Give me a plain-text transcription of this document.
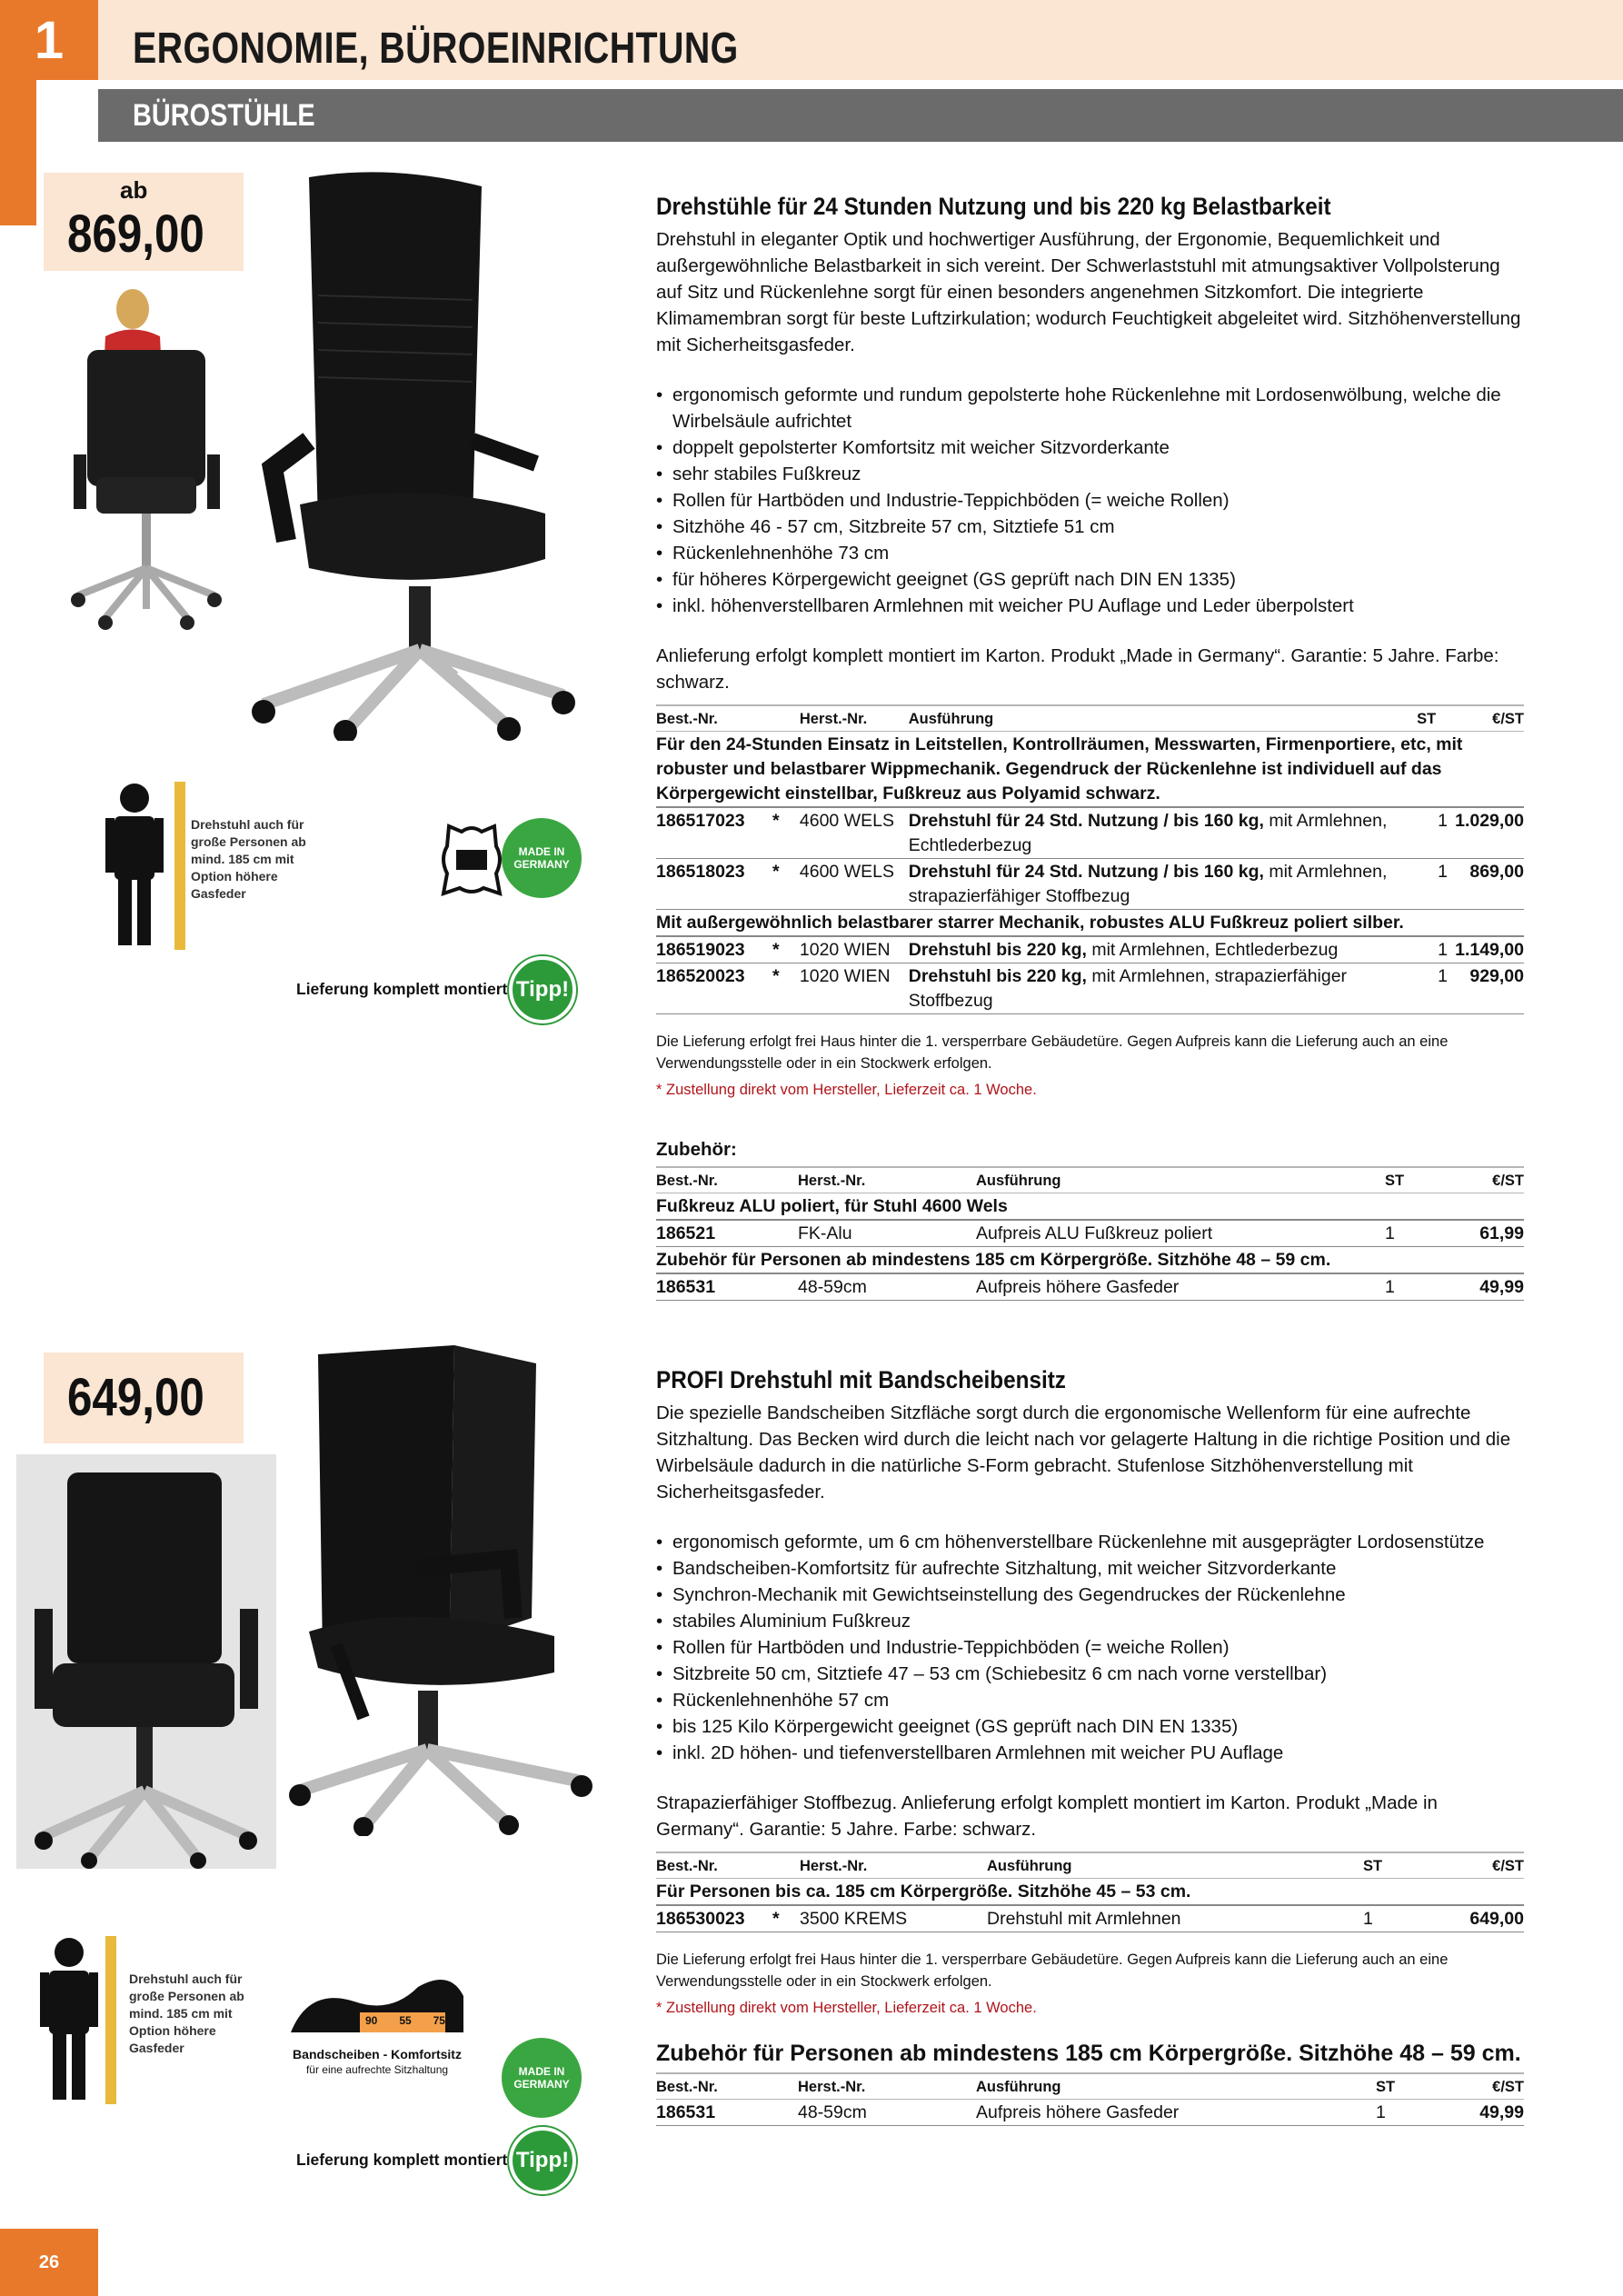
1	ERGONOMIE, BÜROEINRICHTUNG
BÜROSTÜHLE
ab
869,00
Drehstuhl auch für große Personen ab mind. 185 cm mit Option höhere Gasfeder
MADE IN GERMANY
Lieferung komplett montiert Tipp!
Drehstühle für 24 Stunden Nutzung und bis 220 kg Belastbarkeit

Drehstuhl in eleganter Optik und hochwertiger Ausführung, der Ergonomie, Bequemlichkeit und außergewöhnliche Belastbarkeit in sich vereint. Der Schwerlaststuhl mit atmungsaktiver Vollpolsterung auf Sitz und Rückenlehne sorgt für einen besonders angenehmen Sitzkomfort. Die integrierte Klimamembran sorgt für beste Luftzirkulation; wodurch Feuchtigkeit abgeleitet wird. Sitzhöhenverstellung mit Sicherheitsgasfeder.

• ergonomisch geformte und rundum gepolsterte hohe Rückenlehne mit Lordosenwölbung, welche die Wirbelsäule aufrichtet
• doppelt gepolsterter Komfortsitz mit weicher Sitzvorderkante
• sehr stabiles Fußkreuz
• Rollen für Hartböden und Industrie-Teppichböden (= weiche Rollen)
• Sitzhöhe 46 - 57 cm, Sitzbreite 57 cm, Sitztiefe 51 cm
• Rückenlehnenhöhe 73 cm
• für höheres Körpergewicht geeignet (GS geprüft nach DIN EN 1335)
• inkl. höhenverstellbaren Armlehnen mit weicher PU Auflage und Leder überpolstert

Anlieferung erfolgt komplett montiert im Karton. Produkt „Made in Germany“. Garantie: 5 Jahre. Farbe: schwarz.

Best.-Nr.		Herst.-Nr.	Ausführung	ST	€/ST
Für den 24-Stunden Einsatz in Leitstellen, Kontrollräumen, Messwarten, Firmenportiere, etc, mit robuster und belastbarer Wippmechanik. Gegendruck der Rückenlehne ist individuell auf das Körpergewicht einstellbar, Fußkreuz aus Polyamid schwarz.					
186517023	*	4600 WELS	Drehstuhl für 24 Std. Nutzung / bis 160 kg, mit Armlehnen, Echtlederbezug	1	1.029,00
186518023	*	4600 WELS	Drehstuhl für 24 Std. Nutzung / bis 160 kg, mit Armlehnen, strapazierfähiger Stoffbezug	1	869,00
Mit außergewöhnlich belastbarer starrer Mechanik, robustes ALU Fußkreuz poliert silber.					
186519023	*	1020 WIEN	Drehstuhl bis 220 kg, mit Armlehnen, Echtlederbezug	1	1.149,00
186520023	*	1020 WIEN	Drehstuhl bis 220 kg, mit Armlehnen, strapazierfähiger Stoffbezug	1	929,00
Die Lieferung erfolgt frei Haus hinter die 1. versperrbare Gebäudetüre. Gegen Aufpreis kann die Lieferung auch an eine Verwendungsstelle oder in ein Stockwerk erfolgen.
* Zustellung direkt vom Hersteller, Lieferzeit ca. 1 Woche.
Zubehör:
Best.-Nr.	Herst.-Nr.	Ausführung	ST	€/ST
Fußkreuz ALU poliert, für Stuhl 4600 Wels				
186521	FK-Alu	Aufpreis ALU Fußkreuz poliert	1	61,99
Zubehör für Personen ab mindestens 185 cm Körpergröße. Sitzhöhe 48 – 59 cm.				
186531	48-59cm	Aufpreis höhere Gasfeder	1	49,99
649,00
Drehstuhl auch für große Personen ab mind. 185 cm mit Option höhere Gasfeder
90 55 75
Bandscheiben - Komfortsitz
für eine aufrechte Sitzhaltung	MADE IN GERMANY
Lieferung komplett montiert Tipp!
PROFI Drehstuhl mit Bandscheibensitz

Die spezielle Bandscheiben Sitzfläche sorgt durch die ergonomische Wellenform für eine aufrechte Sitzhaltung. Das Becken wird durch die leicht nach vor gelagerte Haltung in die richtige Position und die Wirbelsäule dadurch in die natürliche S-Form gebracht. Stufenlose Sitzhöhenverstellung mit Sicherheitsgasfeder.

• ergonomisch geformte, um 6 cm höhenverstellbare Rückenlehne mit ausgeprägter Lordosenstütze
• Bandscheiben-Komfortsitz für aufrechte Sitzhaltung, mit weicher Sitzvorderkante
• Synchron-Mechanik mit Gewichtseinstellung des Gegendruckes der Rückenlehne
• stabiles Aluminium Fußkreuz
• Rollen für Hartböden und Industrie-Teppichböden (= weiche Rollen)
• Sitzbreite 50 cm, Sitztiefe 47 – 53 cm (Schiebesitz 6 cm nach vorne verstellbar)
• Rückenlehnenhöhe 57 cm
• bis 125 Kilo Körpergewicht geeignet (GS geprüft nach DIN EN 1335)
• inkl. 2D höhen- und tiefenverstellbaren Armlehnen mit weicher PU Auflage

Strapazierfähiger Stoffbezug. Anlieferung erfolgt komplett montiert im Karton. Produkt „Made in Germany“. Garantie: 5 Jahre. Farbe: schwarz.

Best.-Nr.		Herst.-Nr.	Ausführung	ST	€/ST
Für Personen bis ca. 185 cm Körpergröße. Sitzhöhe 45 – 53 cm.					
186530023	*	3500 KREMS	Drehstuhl mit Armlehnen	1	649,00
Die Lieferung erfolgt frei Haus hinter die 1. versperrbare Gebäudetüre. Gegen Aufpreis kann die Lieferung auch an eine Verwendungsstelle oder in ein Stockwerk erfolgen.
* Zustellung direkt vom Hersteller, Lieferzeit ca. 1 Woche.
Zubehör für Personen ab mindestens 185 cm Körpergröße. Sitzhöhe 48 – 59 cm.
Best.-Nr.	Herst.-Nr.	Ausführung	ST	€/ST
186531	48-59cm	Aufpreis höhere Gasfeder	1	49,99
26
